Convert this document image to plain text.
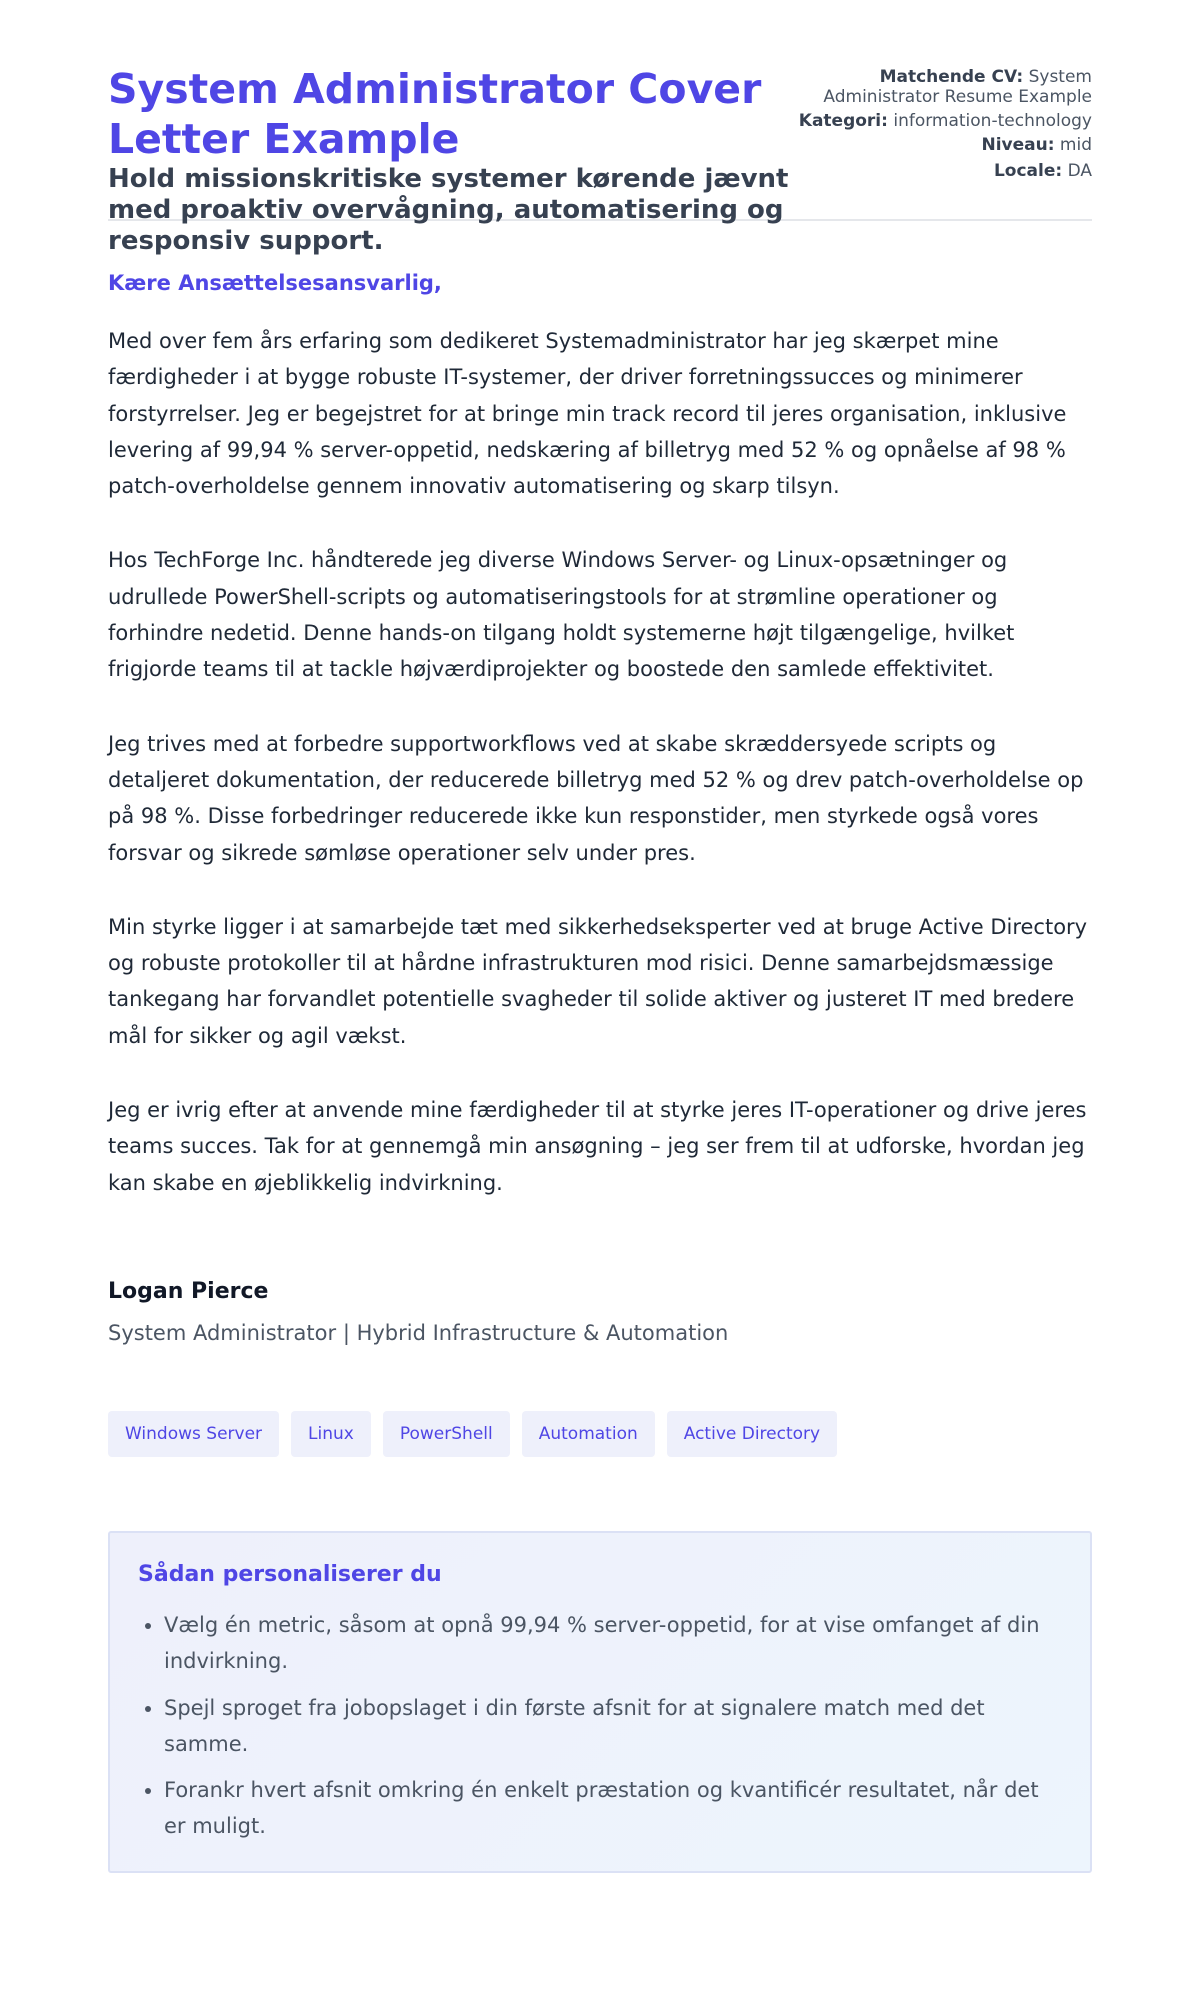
System Administrator Cover Letter Example

Hold missionskritiske systemer kørende jævnt med proaktiv overvågning, automatisering og responsiv support.

Matchende CV: System Administrator Resume Example
Kategori: information-technology
Niveau: mid
Locale: DA

Kære Ansættelsesansvarlig,

Med over fem års erfaring som dedikeret Systemadministrator har jeg skærpet mine færdigheder i at bygge robuste IT-systemer, der driver forretningssucces og minimerer forstyrrelser. Jeg er begejstret for at bringe min track record til jeres organisation, inklusive levering af 99,94 % server-oppetid, nedskæring af billetryg med 52 % og opnåelse af 98 % patch-overholdelse gennem innovativ automatisering og skarp tilsyn.

Hos TechForge Inc. håndterede jeg diverse Windows Server- og Linux-opsætninger og udrullede PowerShell-scripts og automatiseringstools for at strømline operationer og forhindre nedetid. Denne hands-on tilgang holdt systemerne højt tilgængelige, hvilket frigjorde teams til at tackle højværdiprojekter og boostede den samlede effektivitet.

Jeg trives med at forbedre supportworkflows ved at skabe skræddersyede scripts og detaljeret dokumentation, der reducerede billetryg med 52 % og drev patch-overholdelse op på 98 %. Disse forbedringer reducerede ikke kun responstider, men styrkede også vores forsvar og sikrede sømløse operationer selv under pres.

Min styrke ligger i at samarbejde tæt med sikkerhedseksperter ved at bruge Active Directory og robuste protokoller til at hårdne infrastrukturen mod risici. Denne samarbejdsmæssige tankegang har forvandlet potentielle svagheder til solide aktiver og justeret IT med bredere mål for sikker og agil vækst.

Jeg er ivrig efter at anvende mine færdigheder til at styrke jeres IT-operationer og drive jeres teams succes. Tak for at gennemgå min ansøgning – jeg ser frem til at udforske, hvordan jeg kan skabe en øjeblikkelig indvirkning.

Logan Pierce

System Administrator | Hybrid Infrastructure & Automation

Windows Server	Linux	PowerShell	Automation	Active Directory
Sådan personaliserer du
• Vælg én metric, såsom at opnå 99,94 % server-oppetid, for at vise omfanget af din indvirkning.
• Spejl sproget fra jobopslaget i din første afsnit for at signalere match med det samme.
• Forankr hvert afsnit omkring én enkelt præstation og kvantificér resultatet, når det er muligt.
